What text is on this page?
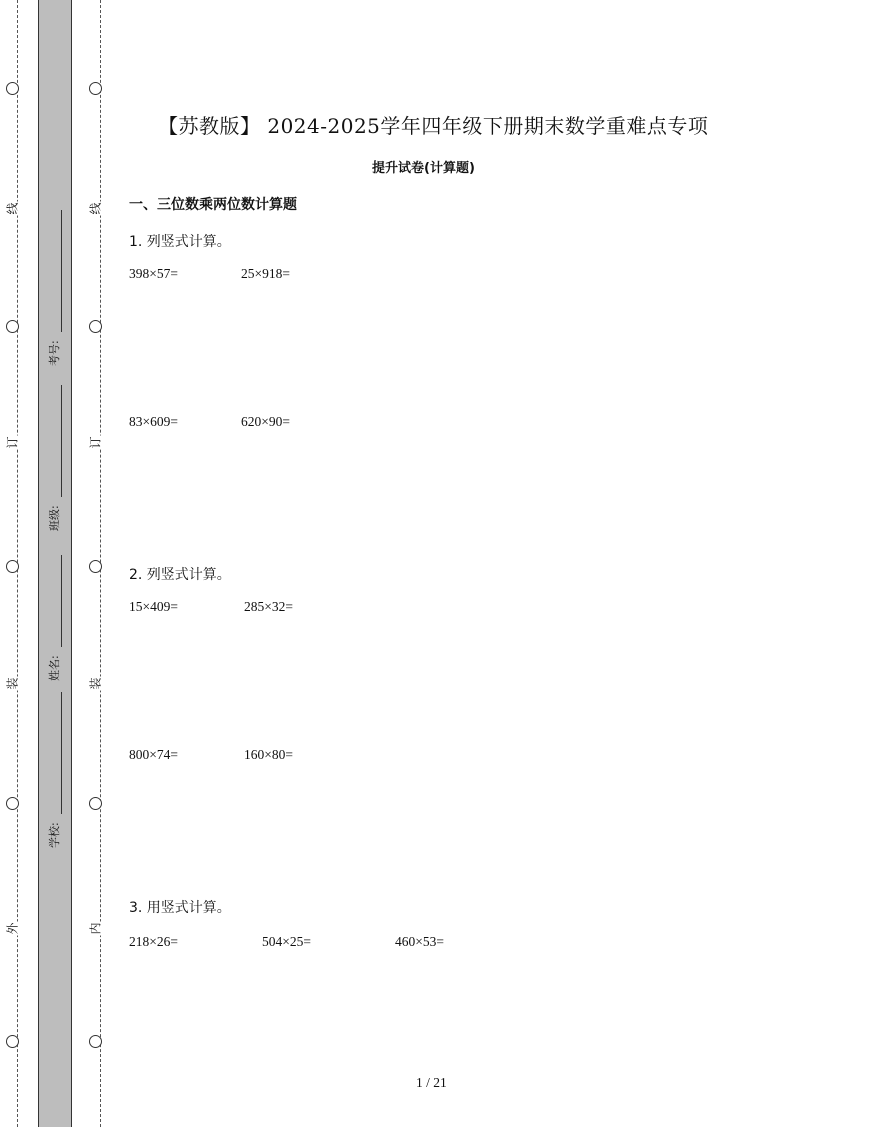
线
订
装
外
线
订
装
内
考号:
班级:
姓名:
学校:
【苏教版】 2024-2025学年四年级下册期末数学重难点专项
提升试卷(计算题)
一、三位数乘两位数计算题
1. 列竖式计算。
398×57=	25×918=
83×609=	620×90=
2. 列竖式计算。
15×409=	285×32=
800×74=	160×80=
3. 用竖式计算。
218×26=	504×25=	460×53=
1 / 21
